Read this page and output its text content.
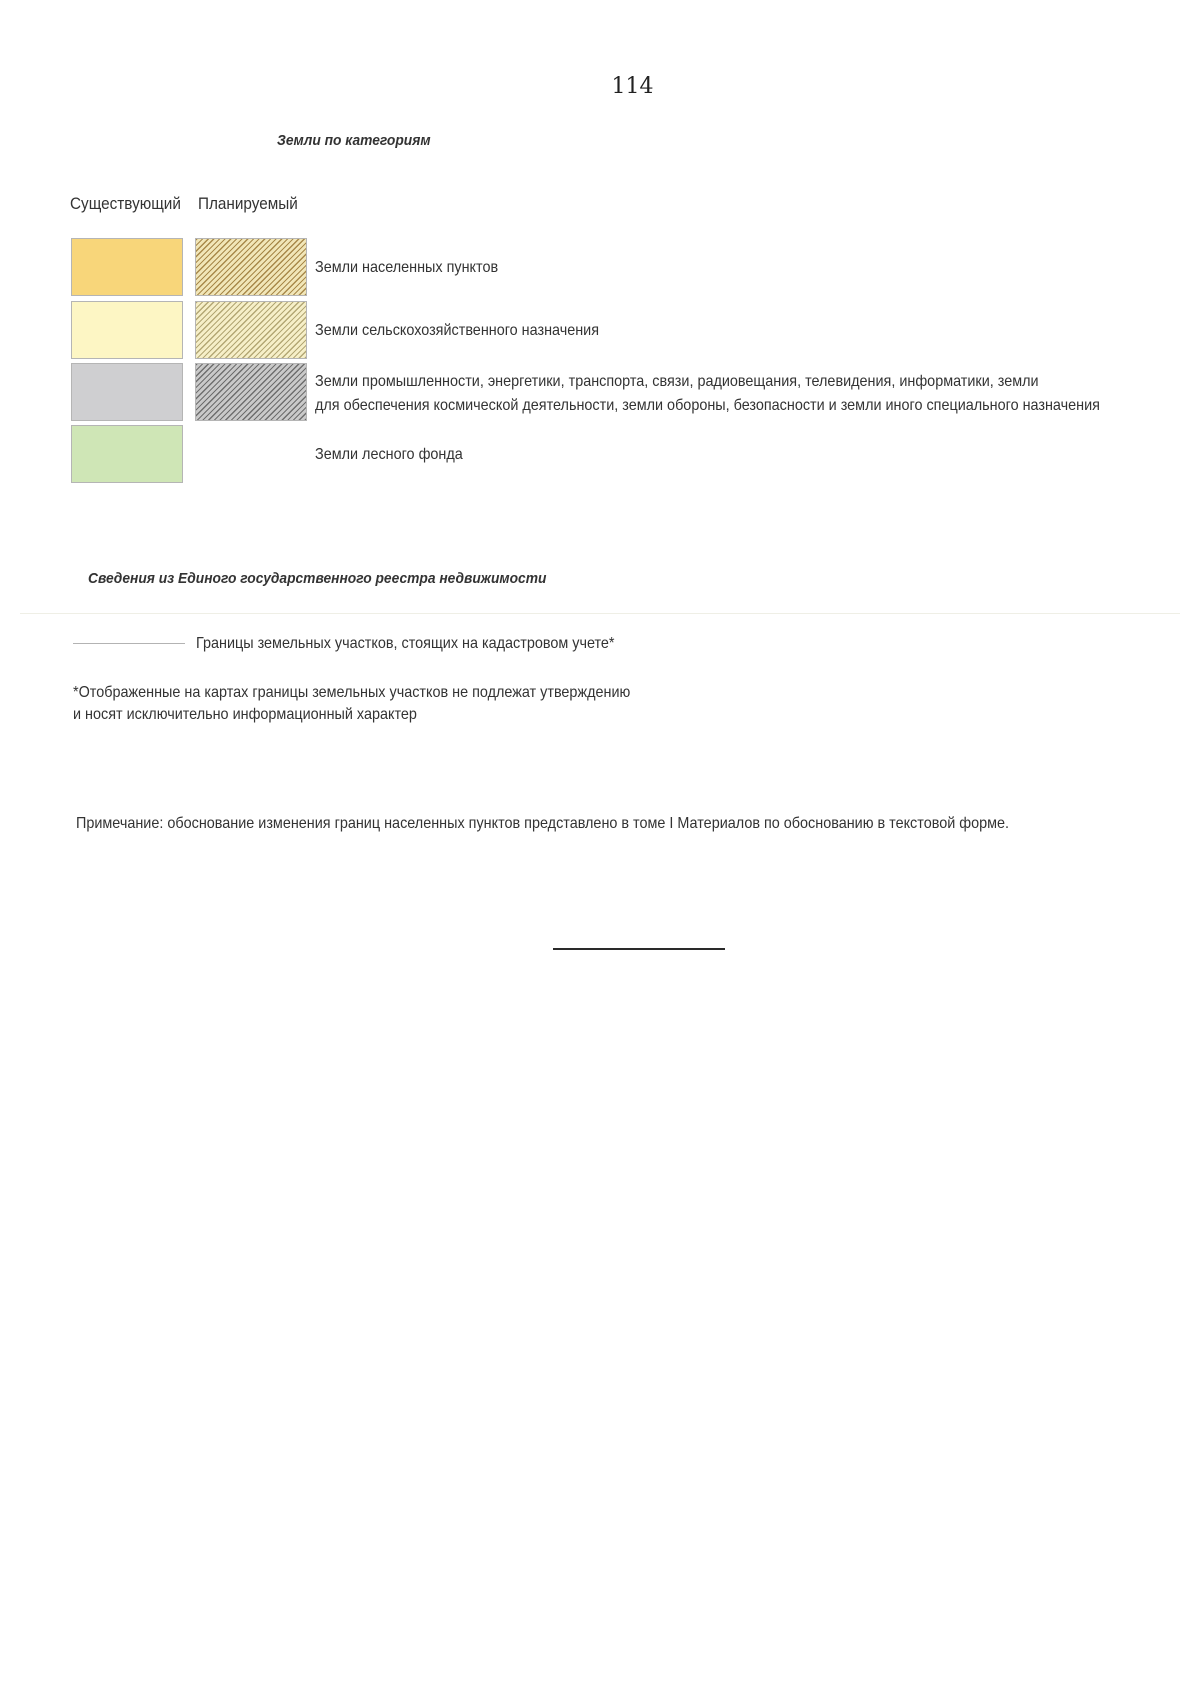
114
Земли по категориям
Существующий Планируемый
Земли населенных пунктов
Земли сельскохозяйственного назначения
Земли промышленности, энергетики, транспорта, связи, радиовещания, телевидения, информатики, земли
для обеспечения космической деятельности, земли обороны, безопасности и земли иного специального назначения
Земли лесного фонда
Сведения из Единого государственного реестра недвижимости
Границы земельных участков, стоящих на кадастровом учете*
*Отображенные на картах границы земельных участков не подлежат утверждению
и носят исключительно информационный характер
Примечание: обоснование изменения границ населенных пунктов представлено в томе I Материалов по обоснованию в текстовой форме.
